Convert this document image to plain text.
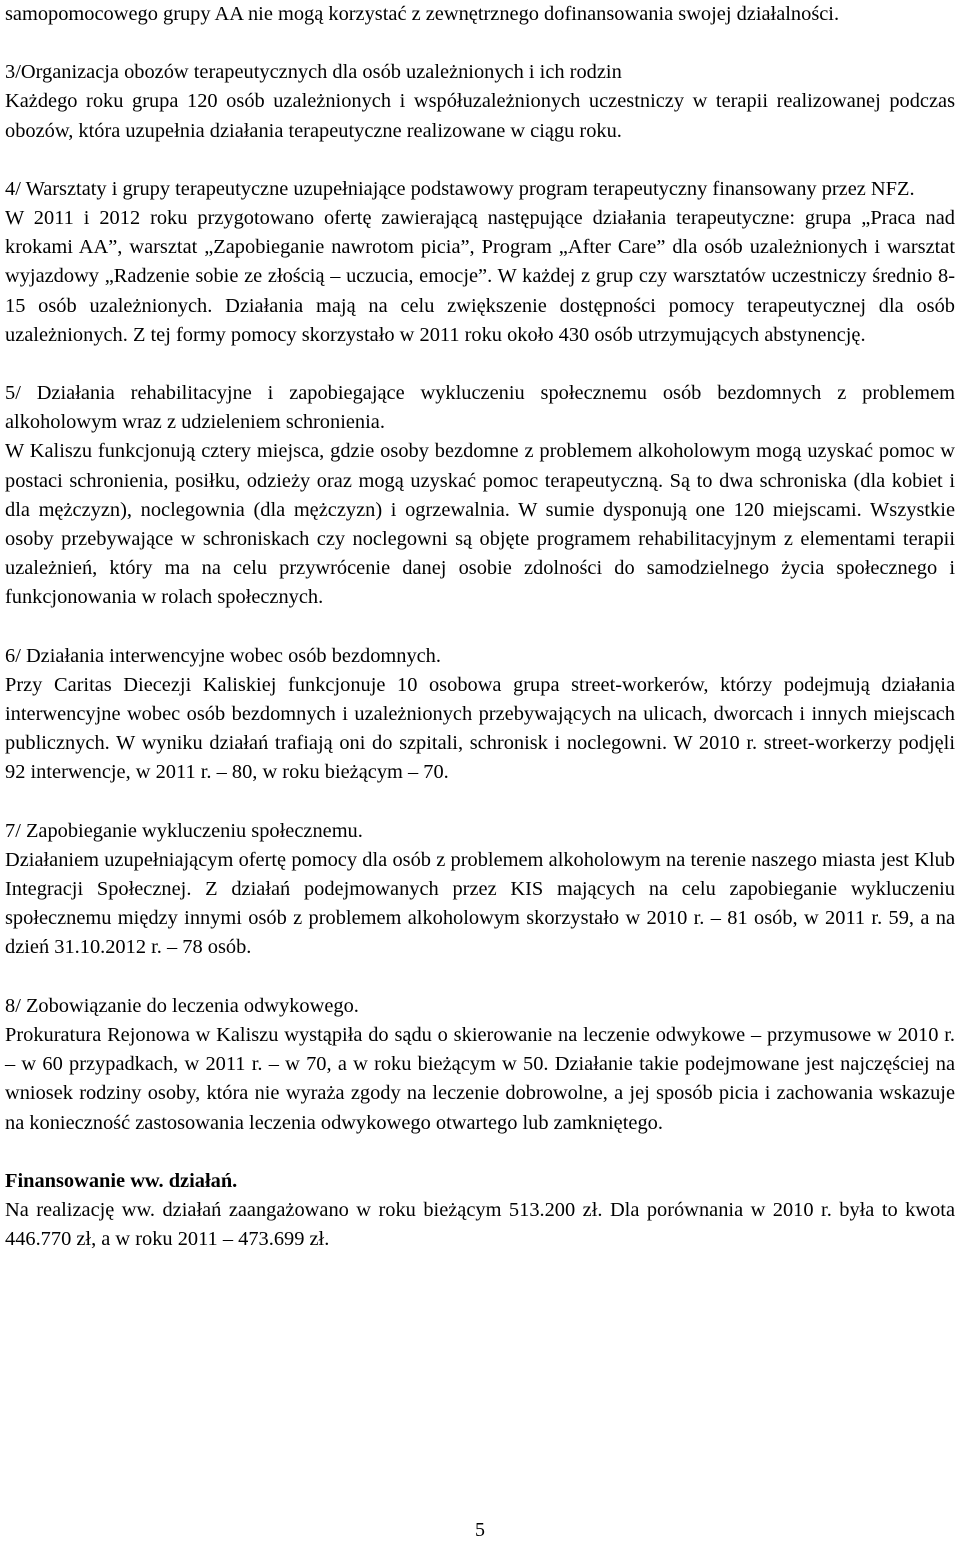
samopomocowego grupy AA nie mogą korzystać z zewnętrznego dofinansowania swojej działalności.

3/Organizacja obozów terapeutycznych dla osób uzależnionych i ich rodzin

Każdego roku grupa 120 osób uzależnionych i współuzależnionych uczestniczy w terapii realizowanej podczas obozów, która uzupełnia działania terapeutyczne realizowane w ciągu roku.

4/ Warsztaty i grupy terapeutyczne uzupełniające podstawowy program terapeutyczny finansowany przez NFZ.

W 2011 i 2012 roku przygotowano ofertę zawierającą następujące działania terapeutyczne: grupa „Praca nad krokami AA”, warsztat „Zapobieganie nawrotom picia”, Program „After Care” dla osób uzależnionych i warsztat wyjazdowy „Radzenie sobie ze złością – uczucia, emocje”. W każdej z grup czy warsztatów uczestniczy średnio 8-15 osób uzależnionych. Działania mają na celu zwiększenie dostępności pomocy terapeutycznej dla osób uzależnionych. Z tej formy pomocy skorzystało w 2011 roku około 430 osób utrzymujących abstynencję.

5/ Działania rehabilitacyjne i zapobiegające wykluczeniu społecznemu osób bezdomnych z problemem alkoholowym wraz z udzieleniem schronienia.

W Kaliszu funkcjonują cztery miejsca, gdzie osoby bezdomne z problemem alkoholowym mogą uzyskać pomoc w postaci schronienia, posiłku, odzieży oraz mogą uzyskać pomoc terapeutyczną. Są to dwa schroniska (dla kobiet i dla mężczyzn), noclegownia (dla mężczyzn) i ogrzewalnia. W sumie dysponują one 120 miejscami. Wszystkie osoby przebywające w schroniskach czy noclegowni są objęte programem rehabilitacyjnym z elementami terapii uzależnień, który ma na celu przywrócenie danej osobie zdolności do samodzielnego życia społecznego i funkcjonowania w rolach społecznych.

6/ Działania interwencyjne wobec osób bezdomnych.

Przy Caritas Diecezji Kaliskiej funkcjonuje 10 osobowa grupa street-workerów, którzy podejmują działania interwencyjne wobec osób bezdomnych i uzależnionych przebywających na ulicach, dworcach i innych miejscach publicznych. W wyniku działań trafiają oni do szpitali, schronisk i noclegowni. W 2010 r. street-workerzy podjęli 92 interwencje, w 2011 r. – 80, w roku bieżącym – 70.

7/ Zapobieganie wykluczeniu społecznemu.

Działaniem uzupełniającym ofertę pomocy dla osób z problemem alkoholowym na terenie naszego miasta jest Klub Integracji Społecznej. Z działań podejmowanych przez KIS mających na celu zapobieganie wykluczeniu społecznemu między innymi osób z problemem alkoholowym skorzystało w 2010 r. – 81 osób, w 2011 r. 59, a na dzień 31.10.2012 r. – 78 osób.

8/ Zobowiązanie do leczenia odwykowego.

Prokuratura Rejonowa w Kaliszu wystąpiła do sądu o skierowanie na leczenie odwykowe – przymusowe w 2010 r. – w 60 przypadkach, w 2011 r. – w 70, a w roku bieżącym w 50. Działanie takie podejmowane jest najczęściej na wniosek rodziny osoby, która nie wyraża zgody na leczenie dobrowolne, a jej sposób picia i zachowania wskazuje na konieczność zastosowania leczenia odwykowego otwartego lub zamkniętego.

Finansowanie ww. działań.

Na realizację ww. działań zaangażowano w roku bieżącym 513.200 zł. Dla porównania w 2010 r. była to kwota 446.770 zł, a w roku 2011 – 473.699 zł.

5
